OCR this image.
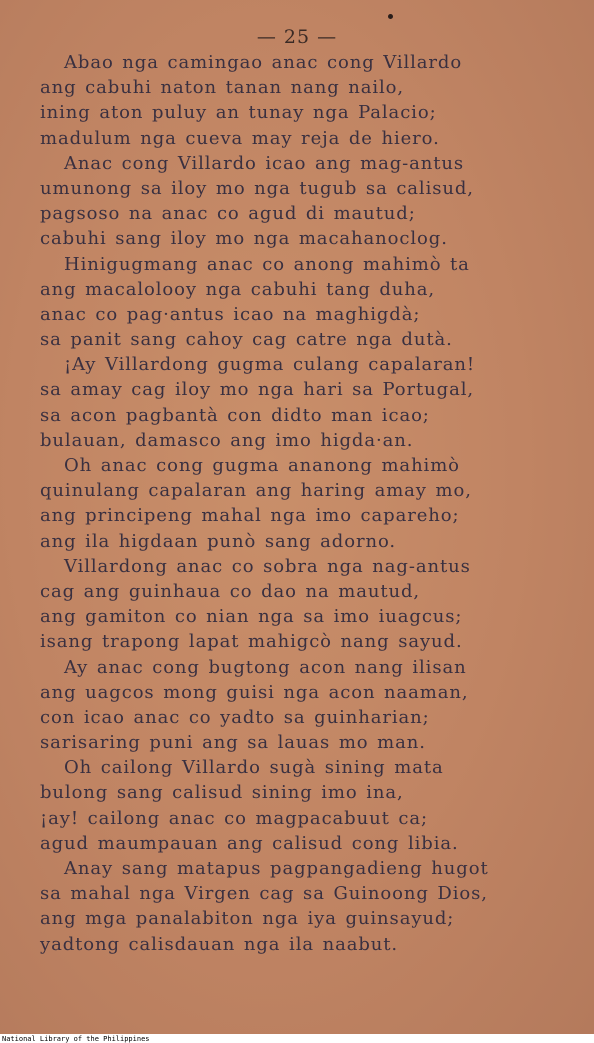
— 25 —
Abao nga camingao anac cong Villardo
ang cabuhi naton tanan nang nailo,
ining aton puluy an tunay nga Palacio;
madulum nga cueva may reja de hiero.
Anac cong Villardo icao ang mag-antus
umunong sa iloy mo nga tugub sa calisud,
pagsoso na anac co agud di mautud;
cabuhi sang iloy mo nga macahanoclog.
Hinigugmang anac co anong mahimò ta
ang macalolooy nga cabuhi tang duha,
anac co pag·antus icao na maghigdà;
sa panit sang cahoy cag catre nga dutà.
¡Ay Villardong gugma culang capalaran!
sa amay cag iloy mo nga hari sa Portugal,
sa acon pagbantà con didto man icao;
bulauan, damasco ang imo higda·an.
Oh anac cong gugma ananong mahimò
quinulang capalaran ang haring amay mo,
ang principeng mahal nga imo capareho;
ang ila higdaan punò sang adorno.
Villardong anac co sobra nga nag-antus
cag ang guinhaua co dao na mautud,
ang gamiton co nian nga sa imo iuagcus;
isang trapong lapat mahigcò nang sayud.
Ay anac cong bugtong acon nang ilisan
ang uagcos mong guisi nga acon naaman,
con icao anac co yadto sa guinharian;
sarisaring puni ang sa lauas mo man.
Oh cailong Villardo sugà sining mata
bulong sang calisud sining imo ina,
¡ay! cailong anac co magpacabuut ca;
agud maumpauan ang calisud cong libia.
Anay sang matapus pagpangadieng hugot
sa mahal nga Virgen cag sa Guinoong Dios,
ang mga panalabiton nga iya guinsayud;
yadtong calisdauan nga ila naabut.
National Library of the Philippines
